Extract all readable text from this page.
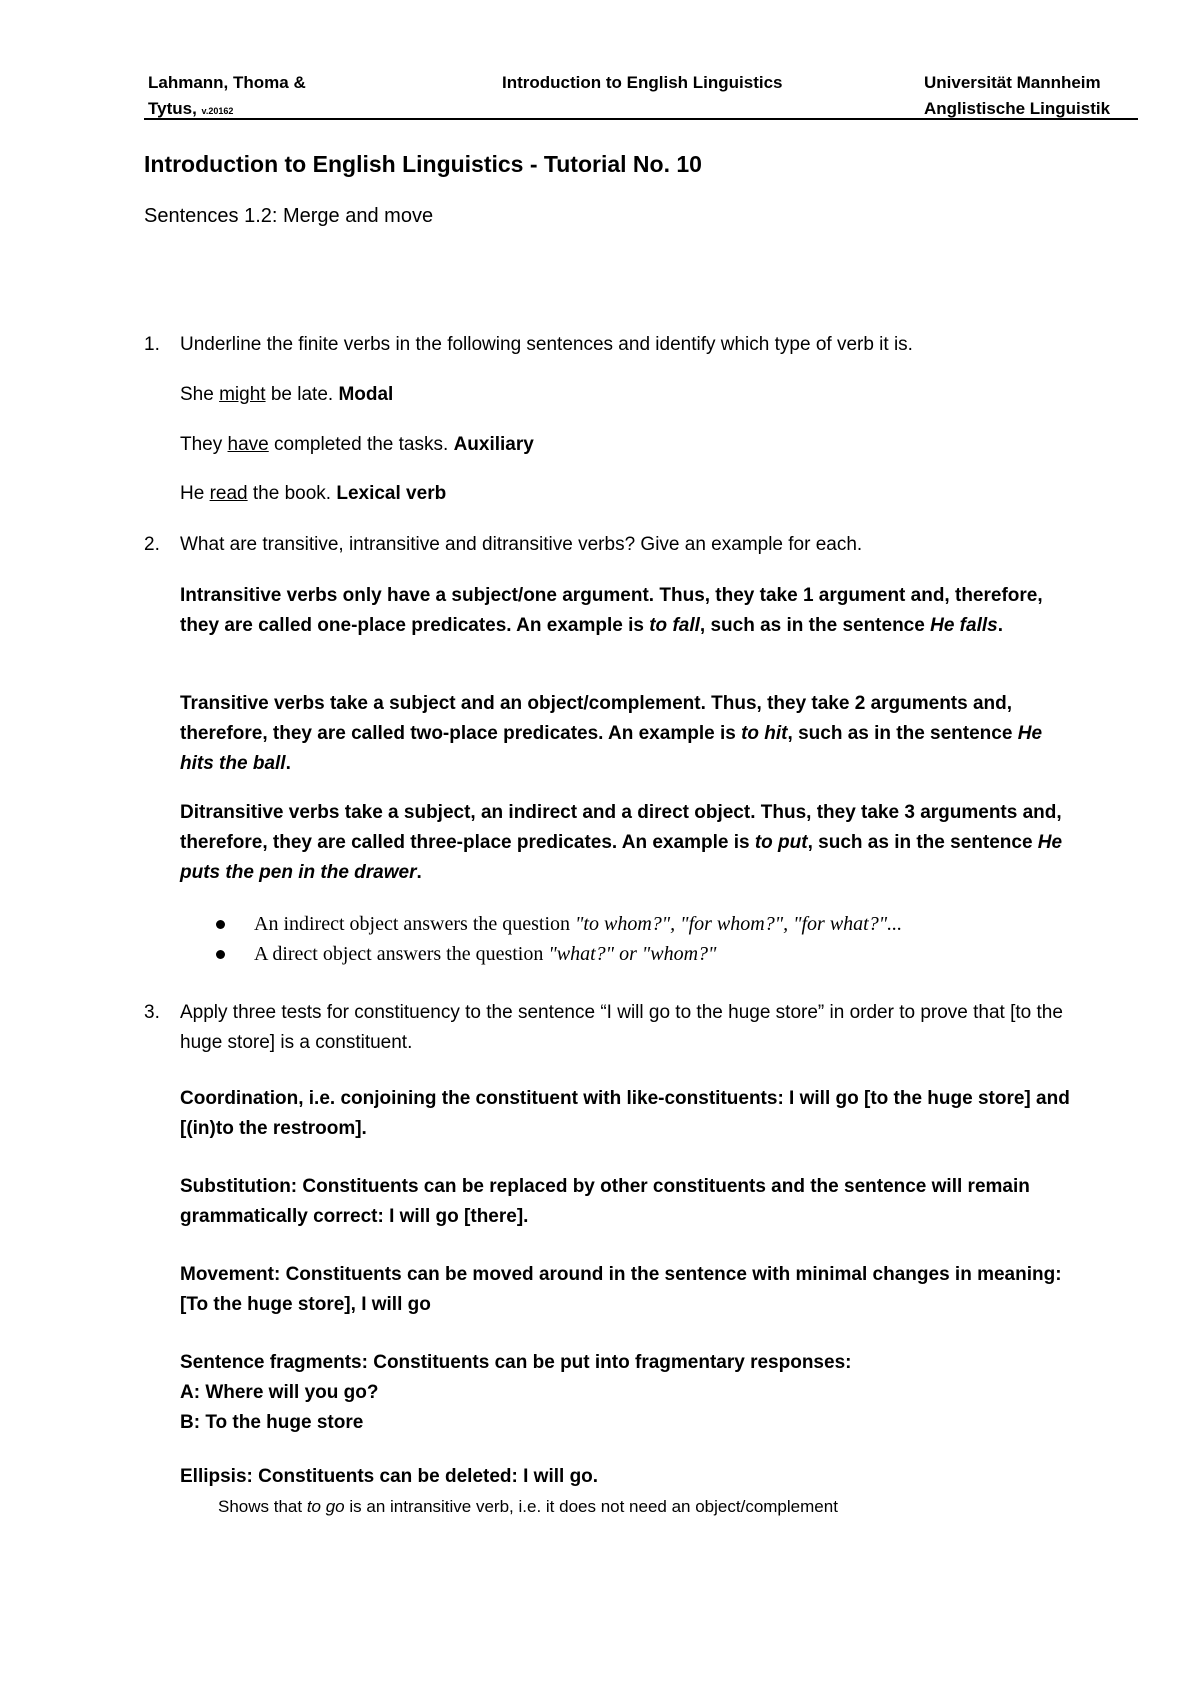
Lahmann, Thoma &
Tytus, v.20162
Introduction to English Linguistics	Universität Mannheim
Anglistische Linguistik
Introduction to English Linguistics - Tutorial No. 10
Sentences 1.2: Merge and move
1. Underline the finite verbs in the following sentences and identify which type of verb it is.
She might be late. Modal
They have completed the tasks. Auxiliary
He read the book. Lexical verb
2. What are transitive, intransitive and ditransitive verbs? Give an example for each.
Intransitive verbs only have a subject/one argument. Thus, they take 1 argument and, therefore, they are called one-place predicates. An example is to fall, such as in the sentence He falls.
Transitive verbs take a subject and an object/complement. Thus, they take 2 arguments and, therefore, they are called two-place predicates. An example is to hit, such as in the sentence He hits the ball.
Ditransitive verbs take a subject, an indirect and a direct object. Thus, they take 3 arguments and, therefore, they are called three-place predicates. An example is to put, such as in the sentence He puts the pen in the drawer.
An indirect object answers the question "to whom?", "for whom?", "for what?"...
A direct object answers the question "what?" or "whom?"
3. Apply three tests for constituency to the sentence “I will go to the huge store” in order to prove that [to the huge store] is a constituent.
Coordination, i.e. conjoining the constituent with like-constituents: I will go [to the huge store] and [(in)to the restroom].
Substitution: Constituents can be replaced by other constituents and the sentence will remain grammatically correct: I will go [there].
Movement: Constituents can be moved around in the sentence with minimal changes in meaning: [To the huge store], I will go
Sentence fragments: Constituents can be put into fragmentary responses:
A: Where will you go?
B: To the huge store
Ellipsis: Constituents can be deleted: I will go.
Shows that to go is an intransitive verb, i.e. it does not need an object/complement
